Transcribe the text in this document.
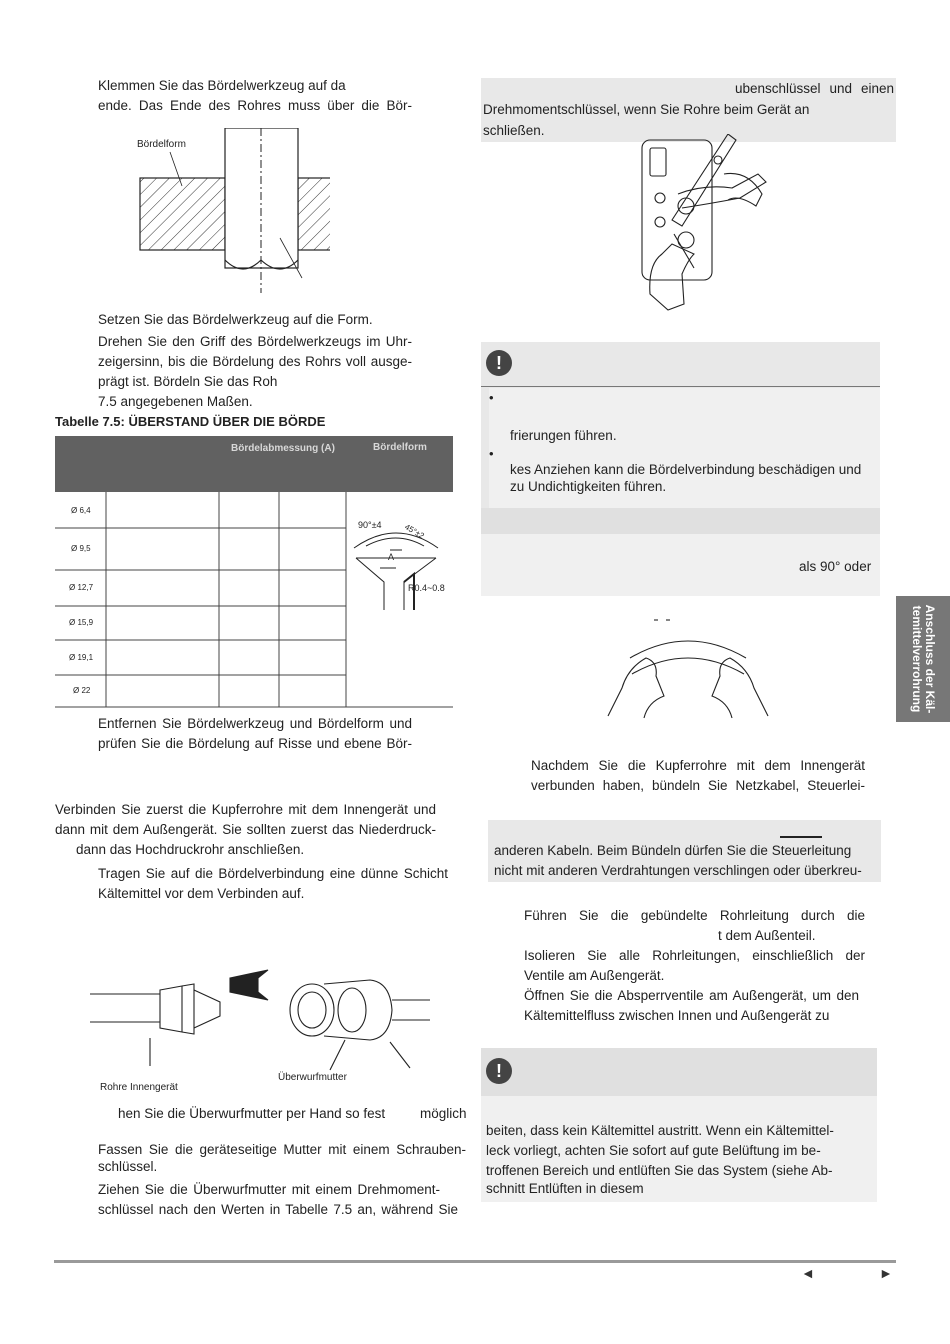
Klemmen Sie das Bördelwerkzeug auf da
ende. Das Ende des Rohres muss über die Bör-
Bördelform
Setzen Sie das Bördelwerkzeug auf die Form.
Drehen Sie den Griff des Bördelwerkzeugs im Uhr-
zeigersinn, bis die Bördelung des Rohrs voll ausge-
prägt ist. Bördeln Sie das Roh
7.5 angegebenen Maßen.
Tabelle 7.5: ÜBERSTAND ÜBER DIE BÖRDE
Bördelabmessung (A)	Bördelform
Ø 6,4
Ø 9,5
Ø 12,7
Ø 15,9
Ø 19,1
Ø 22
90°±4	45°±2
A
R0.4~0.8
Entfernen Sie Bördelwerkzeug und Bördelform und
prüfen Sie die Bördelung auf Risse und ebene Bör-
Verbinden Sie zuerst die Kupferrohre mit dem Innengerät und
dann mit dem Außengerät. Sie sollten zuerst das Niederdruck-
dann das Hochdruckrohr anschließen.
Tragen Sie auf die Bördelverbindung eine dünne Schicht
Kältemittel vor dem Verbinden auf.
Überwurfmutter
Rohre Innengerät
hen Sie die Überwurfmutter per Hand so fest	möglich
Fassen Sie die geräteseitige Mutter mit einem Schrauben-
schlüssel.
Ziehen Sie die Überwurfmutter mit einem Drehmoment-
schlüssel nach den Werten in Tabelle 7.5 an, während Sie
ubenschlüssel und einen
Drehmomentschlüssel, wenn Sie Rohre beim Gerät an
schließen.
!
•
frierungen führen.
•
kes Anziehen kann die Bördelverbindung beschädigen und
zu Undichtigkeiten führen.
als 90° oder
Nachdem Sie die Kupferrohre mit dem Innengerät
verbunden haben, bündeln Sie Netzkabel, Steuerlei-
anderen Kabeln. Beim Bündeln dürfen Sie die Steuerleitung
nicht mit anderen Verdrahtungen verschlingen oder überkreu-
Führen Sie die gebündelte Rohrleitung durch die
t dem Außenteil.
Isolieren Sie alle Rohrleitungen, einschließlich der
Ventile am Außengerät.
Öffnen Sie die Absperrventile am Außengerät, um den
Kältemittelfluss zwischen Innen und Außengerät zu
!
beiten, dass kein Kältemittel austritt. Wenn ein Kältemittel-
leck vorliegt, achten Sie sofort auf gute Belüftung im be-
troffenen Bereich und entlüften Sie das System (siehe Ab-
schnitt Entlüften in diesem
Anschluss der Käl-
temittelverrohrung
◄	►
